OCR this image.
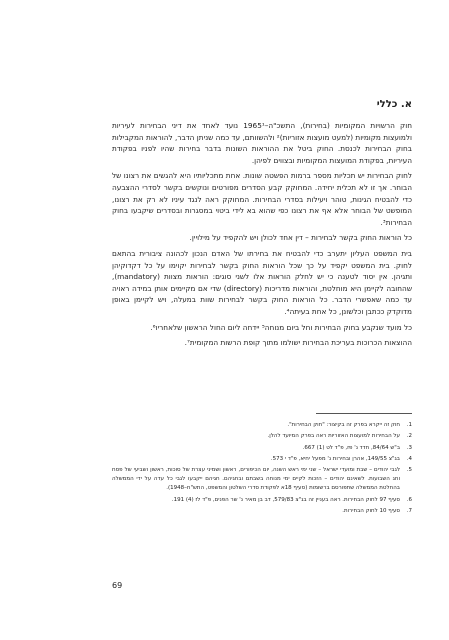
א. כללי

חוק הרשויות המקומיות (בחירות), התשכ"ה–1965¹ נועד לאחד את דיני הבחירות לעיריות ולמועצות מקומיות (למעט מועצות אזוריות)² ולהשוותם, עד כמה שניתן הדבר, להוראות המקבילות בחוק הבחירות לכנסת. החוק ביטל את ההוראות השונות בדבר בחירות שהיו לפניו בפקודת העיריות, בפקודת המועצות המקומיות ובצווים לפיהן.

לחוק הבחירות יש תכליות מספר ברמות הפשטה שונות. אחת מתכליותיו היא להגשים את רצונו של הבוחר. אך זו לא תכלית יחידה. המחוקק קבע הסדרים מפורטים ונוקשים בקשר לסדרי ההצבעה כדי להבטיח הגינות, טוהר ויעילות בסדרי הבחירות. המחוקק ראה לנגד עיניו לא רק את רצונו, המופשט של הבוחר אלא אף את רצונו כפי שהוא בא לידי ביטוי במסגרות ובסדרים שיקבעו בחוק הבחירות³.

כל הוראות החוק בקשר לבחירות – דין אחד לכולן ויש להקפיד על מילויין.

בית המשפט העליון יתערב כדי להבטיח את בחירתו של האדם הנכון לכהונה ציבורית בהתאם לחוק. בית המשפט יקפיד על כך שכל הוראות החוק בקשר לבחירות יקוימו על כל דקדוקיהן ותגיהן. אין יסוד לטענה כי יש לחלק הוראות אלו לשני סוגים: הוראות מצוות (mandatory), שהחובה לקיימן היא מוחלטת, והוראות מדריכות (directory) שדי אם מקיימים אותן במידה ראויה עד כמה שאפשרי הדבר. כל הוראות החוק בקשר לבחירות שוות במעלה, ויש לקיימן באופן מדוקדק ככתבן וכלשונן, כל אחת בעיתה⁴.

כל מועד שנקבע בחוק הבחירות וחל ביום מנוחה⁵ יידחה ליום החול הראשון שלאחריו⁶.

ההוצאות הכרוכות בעריכת הבחירות ישולמו מתוך קופת הרשות המקומית⁷.

1.
חוק זה ייקרא בפרק זה בקיצור: "חוק הבחירות".
2.
על הבחירות למועצות האזוריות ראה בפרק המיועד להלן.
3.
ב"ש 84/64, חדד נ' פז, פ"ד לט (1) 667.
4.
בג"צ 149/55, אהרן ובחירות נ' מפעל יחיא, פ"ד י 573.
5.
לגבי יהודים – שבת ומועדי ישראל – שני ימי ראש השנה, יום הכיפורים, ראשון ושמיני עצרת של סוכות, ראשון ושביעי של פסח וחג השבועות. לשאינם יהודים – הזכות לקיים ימי מנוחה בשבתם ובחגיהם. חגיהם ייקבעו לגבי כל עדה על ידי הממשלה בהחלטת הממשלה שתפורסם ברשומות (סעיף 18א לפקודת סדרי השלטון והמשפט, התש"ח–1948).
6.
סעיף 97 לחוק הבחירות. ראה בעניין זה בג"צ 579/83, דב בן מאיר נ' שר הפנים, פ"ד לז (4) 191.
7.
סעיף 10 לחוק הבחירות.
69
